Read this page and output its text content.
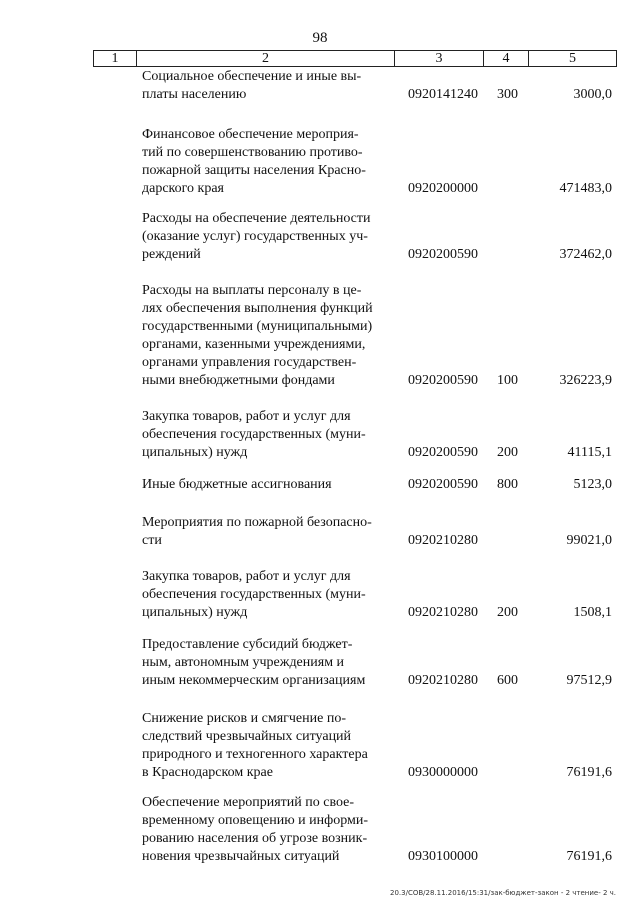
98
1	2	3	4	5
Социальное обеспечение и иные вы-
платы населению	0920141240 300	3000,0
Финансовое обеспечение мероприя-
тий по совершенствованию противо-
пожарной защиты населения Красно-
дарского края	0920200000	471483,0
Расходы на обеспечение деятельности
(оказание услуг) государственных уч-
реждений	0920200590	372462,0
Расходы на выплаты персоналу в це-
лях обеспечения выполнения функций
государственными (муниципальными)
органами, казенными учреждениями,
органами управления государствен-
ными внебюджетными фондами	0920200590 100	326223,9
Закупка товаров, работ и услуг для
обеспечения государственных (муни-
ципальных) нужд	0920200590 200	41115,1
Иные бюджетные ассигнования	0920200590 800	5123,0
Мероприятия по пожарной безопасно-
сти	0920210280	99021,0
Закупка товаров, работ и услуг для
обеспечения государственных (муни-
ципальных) нужд	0920210280 200	1508,1
Предоставление субсидий бюджет-
ным, автономным учреждениям и
иным некоммерческим организациям	0920210280 600	97512,9
Снижение рисков и смягчение по-
следствий чрезвычайных ситуаций
природного и техногенного характера
в Краснодарском крае	0930000000	76191,6
Обеспечение мероприятий по свое-
временному оповещению и информи-
рованию населения об угрозе возник-
новения чрезвычайных ситуаций	0930100000	76191,6
20.3/СОВ/28.11.2016/15:31/зак-бюджет-закон - 2 чтение- 2 ч.
